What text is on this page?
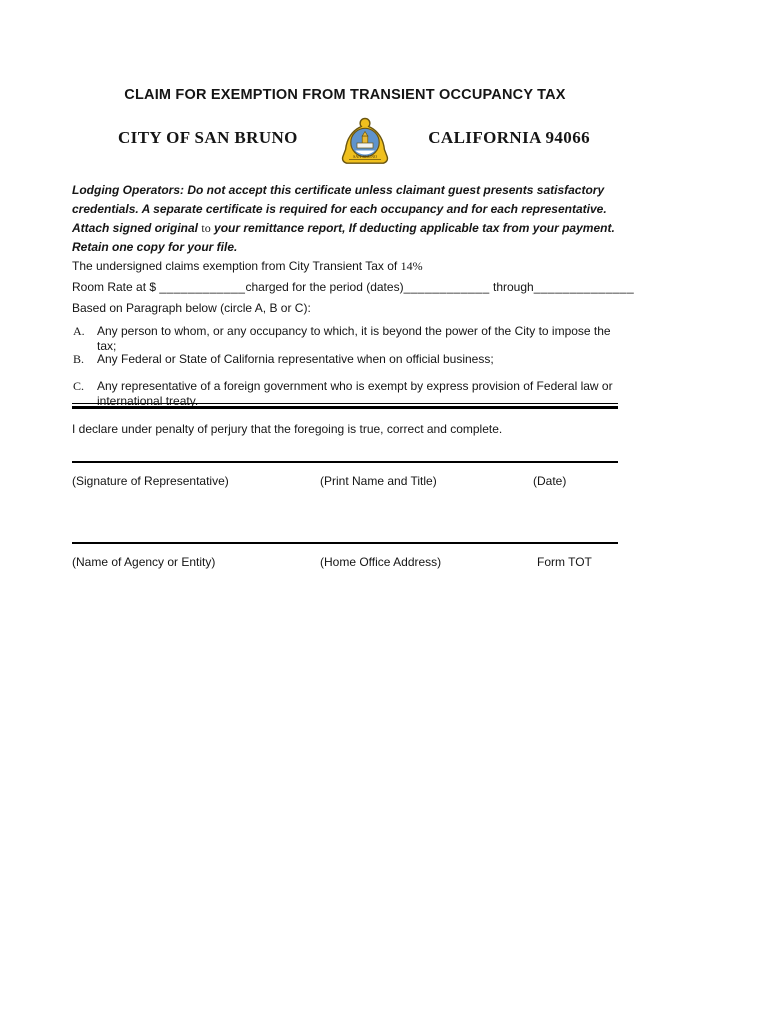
CLAIM FOR EXEMPTION FROM TRANSIENT OCCUPANCY TAX
CITY OF SAN BRUNO
SAN BRUNO
CALIFORNIA 94066
Lodging Operators: Do not accept this certificate unless claimant guest presents satisfactory credentials. A separate certificate is required for each occupancy and for each representative.
Attach signed original to your remittance report, If deducting applicable tax from your payment. Retain one copy for your file.
The undersigned claims exemption from City Transient Tax of 14%
Room Rate at $ ____________charged for the period (dates)____________ through______________
Based on Paragraph below (circle A, B or C):
A. Any person to whom, or any occupancy to which, it is beyond the power of the City to impose the tax;
B. Any Federal or State of California representative when on official business;
C. Any representative of a foreign government who is exempt by express provision of Federal law or international treaty.
I declare under penalty of perjury that the foregoing is true, correct and complete.
(Signature of Representative)	(Print Name and Title)	(Date)
(Name of Agency or Entity)	(Home Office Address)	Form TOT
